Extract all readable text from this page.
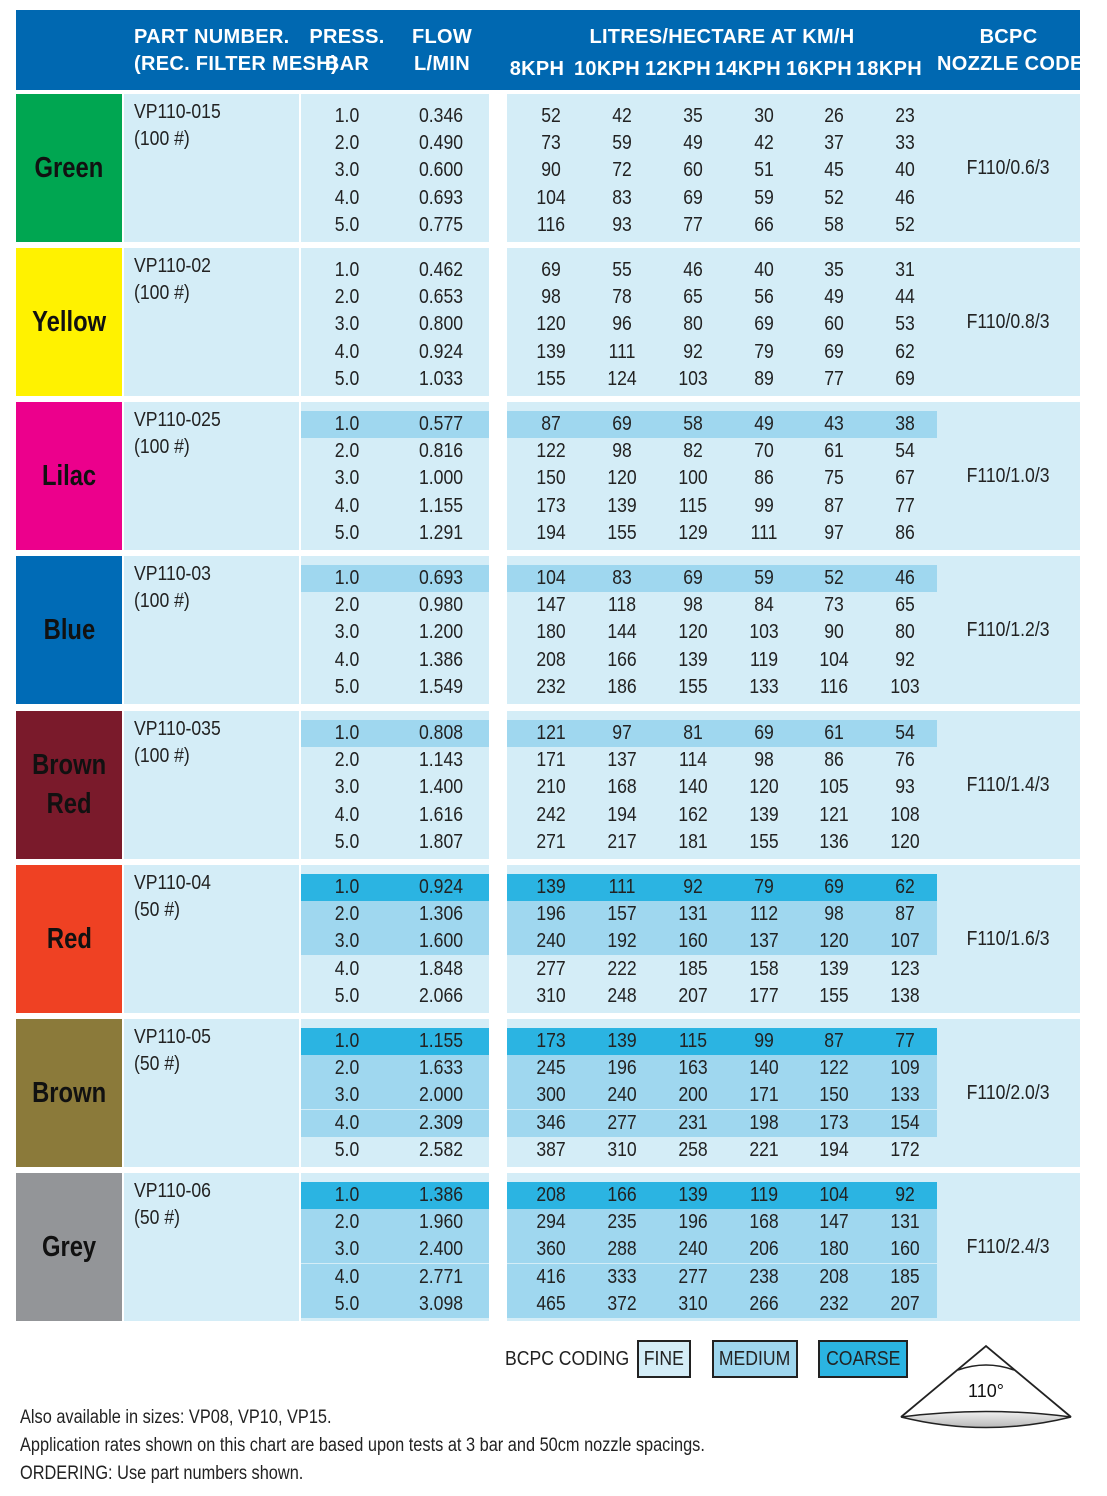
PART NUMBER.
(REC. FILTER MESH)
PRESS.
BAR
FLOW
L/MIN
LITRES/HECTARE AT KM/H
8KPH 10KPH 12KPH 14KPH 16KPH 18KPH
BCPC
NOZZLE CODE
Green
VP110-015
(100 #)
1.0	0.346
2.0	0.490
3.0	0.600
4.0	0.693
5.0	0.775
52	42	35	30	26	23
73	59	49	42	37	33
90	72	60	51	45	40
104	83	69	59	52	46
116	93	77	66	58	52
F110/0.6/3
Yellow
VP110-02
(100 #)
1.0	0.462
2.0	0.653
3.0	0.800
4.0	0.924
5.0	1.033
69	55	46	40	35	31
98	78	65	56	49	44
120	96	80	69	60	53
139	111	92	79	69	62
155	124	103	89	77	69
F110/0.8/3
Lilac
VP110-025
(100 #)
1.0	0.577
2.0	0.816
3.0	1.000
4.0	1.155
5.0	1.291
87	69	58	49	43	38
122	98	82	70	61	54
150	120	100	86	75	67
173	139	115	99	87	77
194	155	129	111	97	86
F110/1.0/3
Blue
VP110-03
(100 #)
1.0	0.693
2.0	0.980
3.0	1.200
4.0	1.386
5.0	1.549
104	83	69	59	52	46
147	118	98	84	73	65
180	144	120	103	90	80
208	166	139	119	104	92
232	186	155	133	116	103
F110/1.2/3
Brown
Red
VP110-035
(100 #)
1.0	0.808
2.0	1.143
3.0	1.400
4.0	1.616
5.0	1.807
121	97	81	69	61	54
171	137	114	98	86	76
210	168	140	120	105	93
242	194	162	139	121	108
271	217	181	155	136	120
F110/1.4/3
Red
VP110-04
(50 #)
1.0	0.924
2.0	1.306
3.0	1.600
4.0	1.848
5.0	2.066
139	111	92	79	69	62
196	157	131	112	98	87
240	192	160	137	120	107
277	222	185	158	139	123
310	248	207	177	155	138
F110/1.6/3
Brown
VP110-05
(50 #)
1.0	1.155
2.0	1.633
3.0	2.000
4.0	2.309
5.0	2.582
173	139	115	99	87	77
245	196	163	140	122	109
300	240	200	171	150	133
346	277	231	198	173	154
387	310	258	221	194	172
F110/2.0/3
Grey
VP110-06
(50 #)
1.0	1.386
2.0	1.960
3.0	2.400
4.0	2.771
5.0	3.098
208	166	139	119	104	92
294	235	196	168	147	131
360	288	240	206	180	160
416	333	277	238	208	185
465	372	310	266	232	207
F110/2.4/3
BCPC CODING FINE MEDIUM COARSE
110°
Also available in sizes: VP08, VP10, VP15.
Application rates shown on this chart are based upon tests at 3 bar and 50cm nozzle spacings.
ORDERING: Use part numbers shown.
